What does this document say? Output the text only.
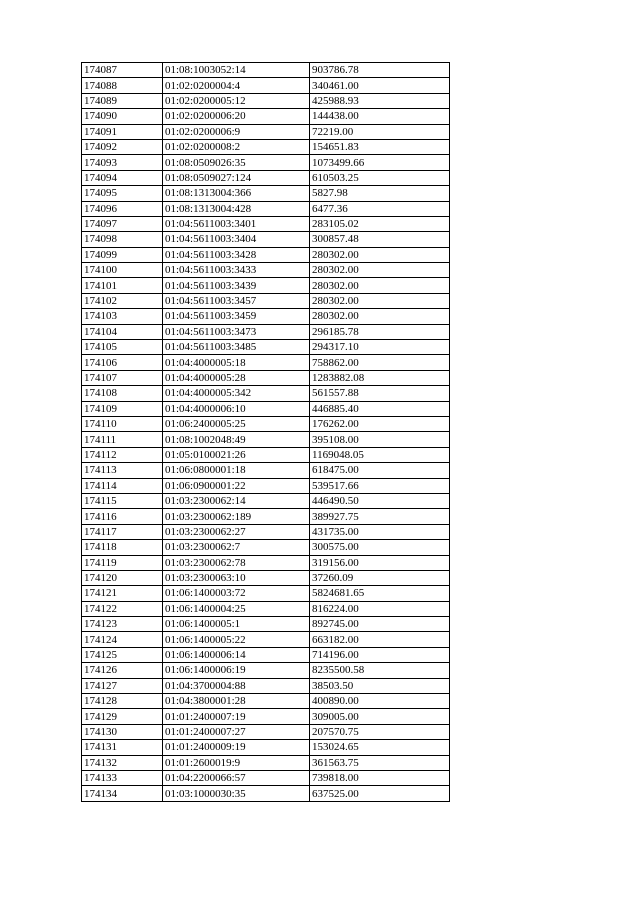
174087	01:08:1003052:14	903786.78
174088	01:02:0200004:4	340461.00
174089	01:02:0200005:12	425988.93
174090	01:02:0200006:20	144438.00
174091	01:02:0200006:9	72219.00
174092	01:02:0200008:2	154651.83
174093	01:08:0509026:35	1073499.66
174094	01:08:0509027:124	610503.25
174095	01:08:1313004:366	5827.98
174096	01:08:1313004:428	6477.36
174097	01:04:5611003:3401	283105.02
174098	01:04:5611003:3404	300857.48
174099	01:04:5611003:3428	280302.00
174100	01:04:5611003:3433	280302.00
174101	01:04:5611003:3439	280302.00
174102	01:04:5611003:3457	280302.00
174103	01:04:5611003:3459	280302.00
174104	01:04:5611003:3473	296185.78
174105	01:04:5611003:3485	294317.10
174106	01:04:4000005:18	758862.00
174107	01:04:4000005:28	1283882.08
174108	01:04:4000005:342	561557.88
174109	01:04:4000006:10	446885.40
174110	01:06:2400005:25	176262.00
174111	01:08:1002048:49	395108.00
174112	01:05:0100021:26	1169048.05
174113	01:06:0800001:18	618475.00
174114	01:06:0900001:22	539517.66
174115	01:03:2300062:14	446490.50
174116	01:03:2300062:189	389927.75
174117	01:03:2300062:27	431735.00
174118	01:03:2300062:7	300575.00
174119	01:03:2300062:78	319156.00
174120	01:03:2300063:10	37260.09
174121	01:06:1400003:72	5824681.65
174122	01:06:1400004:25	816224.00
174123	01:06:1400005:1	892745.00
174124	01:06:1400005:22	663182.00
174125	01:06:1400006:14	714196.00
174126	01:06:1400006:19	8235500.58
174127	01:04:3700004:88	38503.50
174128	01:04:3800001:28	400890.00
174129	01:01:2400007:19	309005.00
174130	01:01:2400007:27	207570.75
174131	01:01:2400009:19	153024.65
174132	01:01:2600019:9	361563.75
174133	01:04:2200066:57	739818.00
174134	01:03:1000030:35	637525.00
